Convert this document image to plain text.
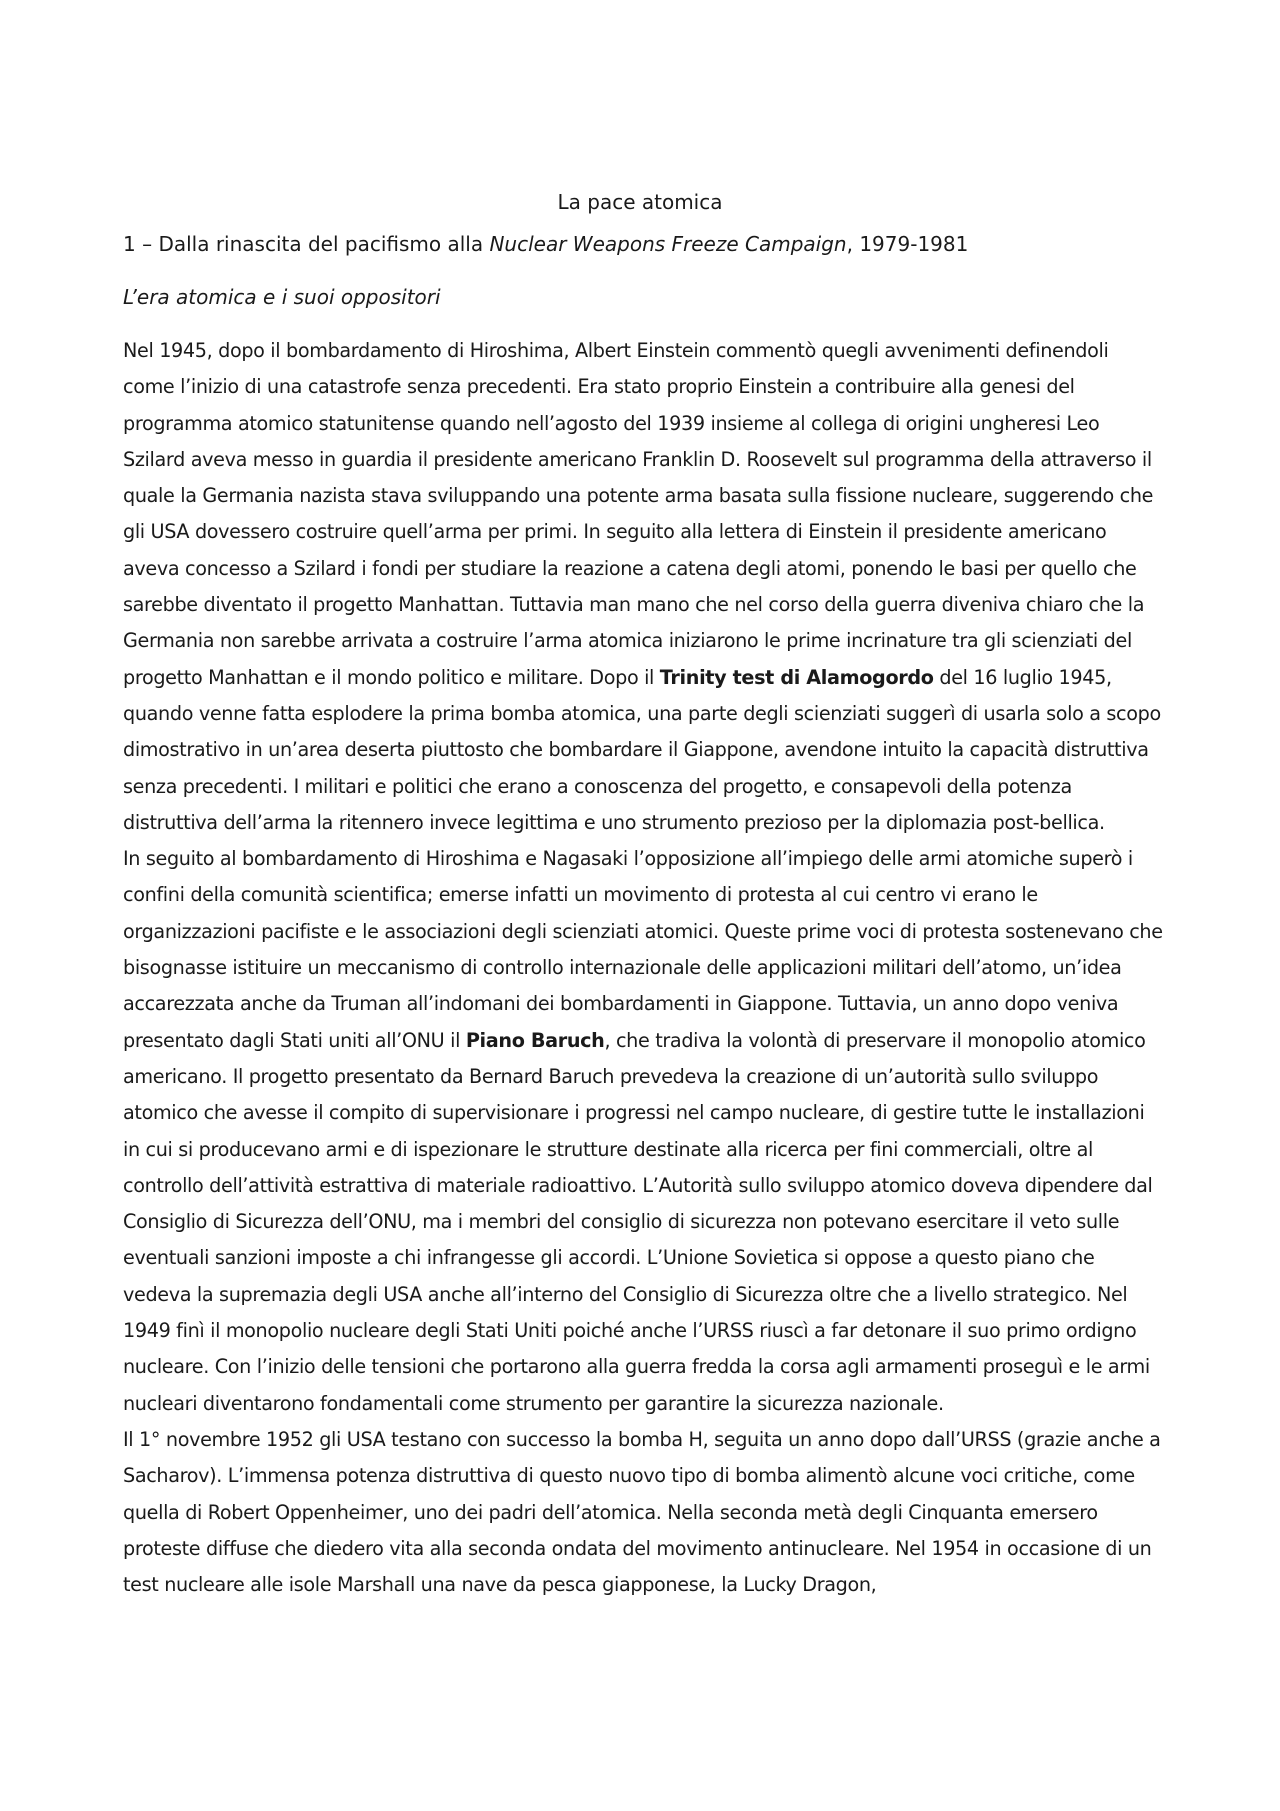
La pace atomica
1 – Dalla rinascita del pacifismo alla Nuclear Weapons Freeze Campaign, 1979-1981
L’era atomica e i suoi oppositori

Nel 1945, dopo il bombardamento di Hiroshima, Albert Einstein commentò quegli avvenimenti definendoli come l’inizio di una catastrofe senza precedenti. Era stato proprio Einstein a contribuire alla genesi del programma atomico statunitense quando nell’agosto del 1939 insieme al collega di origini ungheresi Leo Szilard aveva messo in guardia il presidente americano Franklin D. Roosevelt sul programma della attraverso il quale la Germania nazista stava sviluppando una potente arma basata sulla fissione nucleare, suggerendo che gli USA dovessero costruire quell’arma per primi. In seguito alla lettera di Einstein il presidente americano aveva concesso a Szilard i fondi per studiare la reazione a catena degli atomi, ponendo le basi per quello che sarebbe diventato il progetto Manhattan. Tuttavia man mano che nel corso della guerra diveniva chiaro che la Germania non sarebbe arrivata a costruire l’arma atomica iniziarono le prime incrinature tra gli scienziati del progetto Manhattan e il mondo politico e militare. Dopo il Trinity test di Alamogordo del 16 luglio 1945, quando venne fatta esplodere la prima bomba atomica, una parte degli scienziati suggerì di usarla solo a scopo dimostrativo in un’area deserta piuttosto che bombardare il Giappone, avendone intuito la capacità distruttiva senza precedenti. I militari e politici che erano a conoscenza del progetto, e consapevoli della potenza distruttiva dell’arma la ritennero invece legittima e uno strumento prezioso per la diplomazia post-bellica.

In seguito al bombardamento di Hiroshima e Nagasaki l’opposizione all’impiego delle armi atomiche superò i confini della comunità scientifica; emerse infatti un movimento di protesta al cui centro vi erano le organizzazioni pacifiste e le associazioni degli scienziati atomici. Queste prime voci di protesta sostenevano che bisognasse istituire un meccanismo di controllo internazionale delle applicazioni militari dell’atomo, un’idea accarezzata anche da Truman all’indomani dei bombardamenti in Giappone. Tuttavia, un anno dopo veniva presentato dagli Stati uniti all’ONU il Piano Baruch, che tradiva la volontà di preservare il monopolio atomico americano. Il progetto presentato da Bernard Baruch prevedeva la creazione di un’autorità sullo sviluppo atomico che avesse il compito di supervisionare i progressi nel campo nucleare, di gestire tutte le installazioni in cui si producevano armi e di ispezionare le strutture destinate alla ricerca per fini commerciali, oltre al controllo dell’attività estrattiva di materiale radioattivo. L’Autorità sullo sviluppo atomico doveva dipendere dal Consiglio di Sicurezza dell’ONU, ma i membri del consiglio di sicurezza non potevano esercitare il veto sulle eventuali sanzioni imposte a chi infrangesse gli accordi. L’Unione Sovietica si oppose a questo piano che vedeva la supremazia degli USA anche all’interno del Consiglio di Sicurezza oltre che a livello strategico. Nel 1949 finì il monopolio nucleare degli Stati Uniti poiché anche l’URSS riuscì a far detonare il suo primo ordigno nucleare. Con l’inizio delle tensioni che portarono alla guerra fredda la corsa agli armamenti proseguì e le armi nucleari diventarono fondamentali come strumento per garantire la sicurezza nazionale.

Il 1° novembre 1952 gli USA testano con successo la bomba H, seguita un anno dopo dall’URSS (grazie anche a Sacharov). L’immensa potenza distruttiva di questo nuovo tipo di bomba alimentò alcune voci critiche, come quella di Robert Oppenheimer, uno dei padri dell’atomica. Nella seconda metà degli Cinquanta emersero proteste diffuse che diedero vita alla seconda ondata del movimento antinucleare. Nel 1954 in occasione di un test nucleare alle isole Marshall una nave da pesca giapponese, la Lucky Dragon,
